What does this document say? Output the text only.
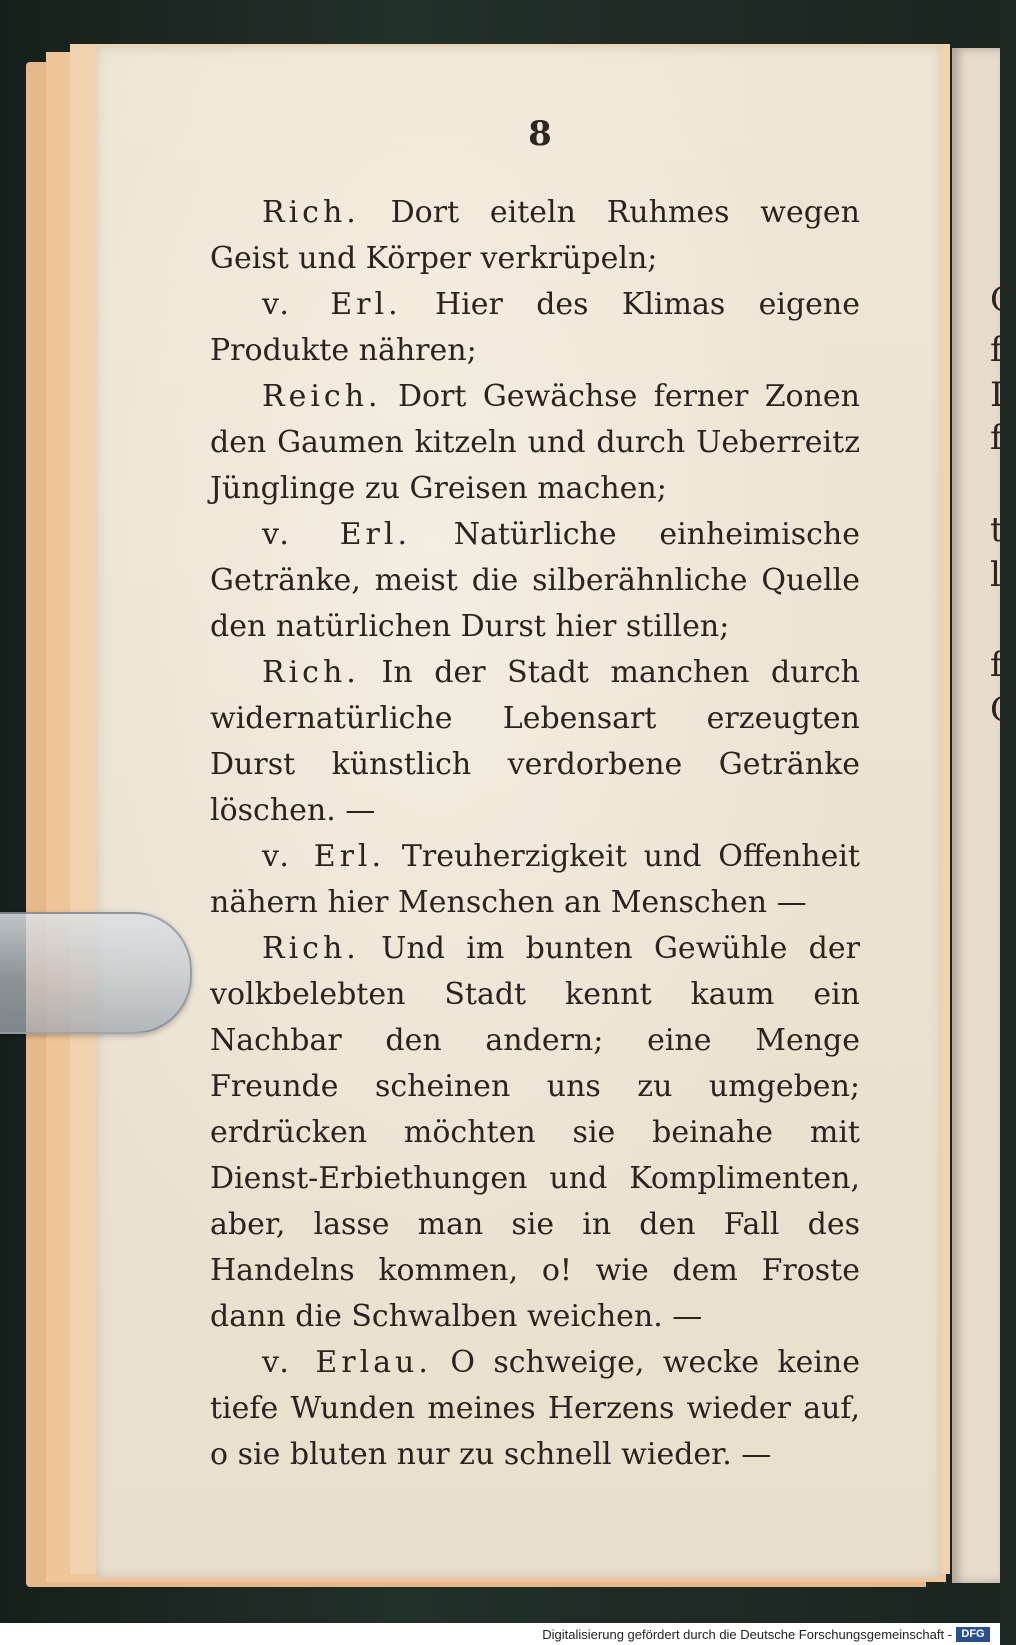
C
f
L
f
t
l
f
C
8

Rich. Dort eiteln Ruhmes wegen Geist und Körper verkrüpeln;

v. Erl. Hier des Klimas eigene Produkte nähren;

Reich. Dort Gewächse ferner Zonen den Gaumen kitzeln und durch Ueberreitz Jünglinge zu Greisen machen;

v. Erl. Natürliche einheimische Getränke, meist die silberähnliche Quelle den natürlichen Durst hier stillen;

Rich. In der Stadt manchen durch widernatürliche Lebensart erzeugten Durst künstlich verdorbene Getränke löschen. —

v. Erl. Treuherzigkeit und Offenheit nähern hier Menschen an Menschen —

Rich. Und im bunten Gewühle der volkbelebten Stadt kennt kaum ein Nachbar den andern; eine Menge Freunde scheinen uns zu umgeben; erdrücken möchten sie beinahe mit Dienst-Erbiethungen und Komplimenten, aber, lasse man sie in den Fall des Handelns kommen, o! wie dem Froste dann die Schwalben weichen. —

v. Erlau. O schweige, wecke keine tiefe Wunden meines Herzens wieder auf, o sie bluten nur zu schnell wieder. —

Digitalisierung gefördert durch die Deutsche Forschungsgemeinschaft - DFG
